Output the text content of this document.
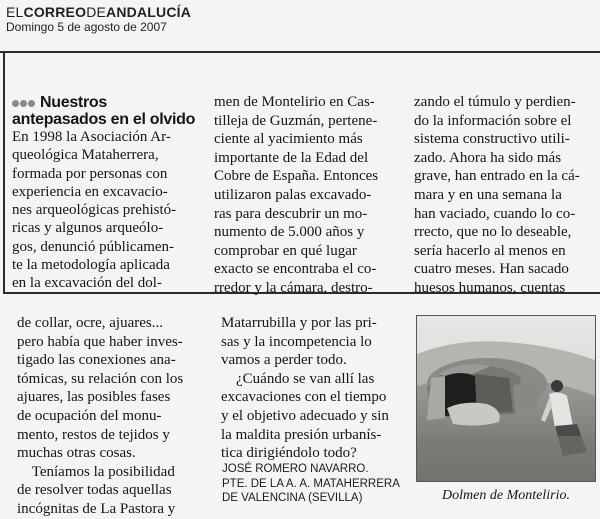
ELCORREODEANDALUCÍA
Domingo 5 de agosto de 2007
Nuestros
antepasados en el olvido
En 1998 la Asociación Ar-
queológica Mataherrera,
formada por personas con
experiencia en excavacio-
nes arqueológicas prehistó-
ricas y algunos arqueólo-
gos, denunció públicamen-
te la metodología aplicada
en la excavación del dol-
men de Montelirio en Cas-
tilleja de Guzmán, pertene-
ciente al yacimiento más
importante de la Edad del
Cobre de España. Entonces
utilizaron palas excavado-
ras para descubrir un mo-
numento de 5.000 años y
comprobar en qué lugar
exacto se encontraba el co-
rredor y la cámara, destro-
zando el túmulo y perdien-
do la información sobre el
sistema constructivo utili-
zado. Ahora ha sido más
grave, han entrado en la cá-
mara y en una semana la
han vaciado, cuando lo co-
rrecto, que no lo deseable,
sería hacerlo al menos en
cuatro meses. Han sacado
huesos humanos, cuentas
de collar, ocre, ajuares...
pero había que haber inves-
tigado las conexiones ana-
tómicas, su relación con los
ajuares, las posibles fases
de ocupación del monu-
mento, restos de tejidos y
muchas otras cosas.
Teníamos la posibilidad
de resolver todas aquellas
incógnitas de La Pastora y
Matarrubilla y por las pri-
sas y la incompetencia lo
vamos a perder todo.
¿Cuándo se van allí las
excavaciones con el tiempo
y el objetivo adecuado y sin
la maldita presión urbanís-
tica dirigiéndolo todo?
JOSÉ ROMERO NAVARRO.
PTE. DE LA A. A. MATAHERRERA
DE VALENCINA (SEVILLA)	Dolmen de Montelirio.
